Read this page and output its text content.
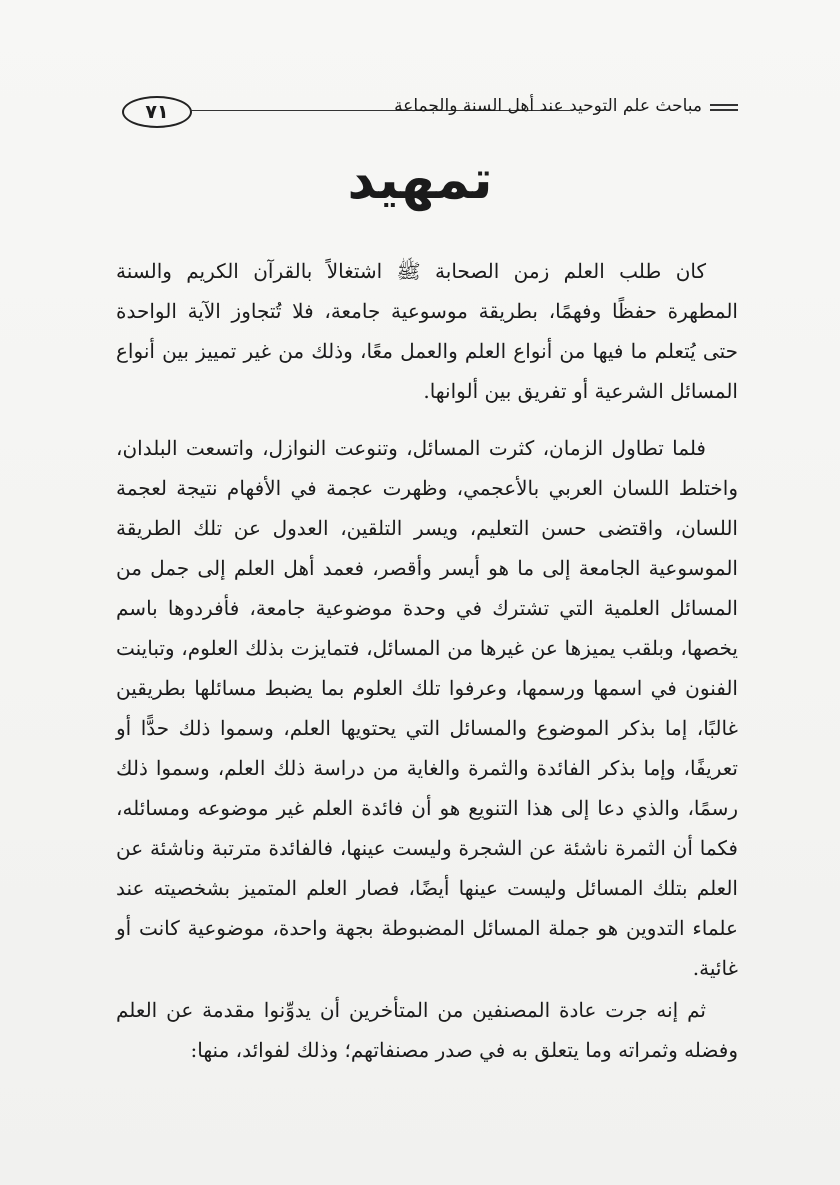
٧١	مباحث علم التوحيد عند أهل السنة والجماعة
تمهيد

كان طلب العلم زمن الصحابة ﷺ اشتغالاً بالقرآن الكريم والسنة المطهرة حفظًا وفهمًا، بطريقة موسوعية جامعة، فلا تُتجاوز الآية الواحدة حتى يُتعلم ما فيها من أنواع العلم والعمل معًا، وذلك من غير تمييز بين أنواع المسائل الشرعية أو تفريق بين ألوانها.

فلما تطاول الزمان، كثرت المسائل، وتنوعت النوازل، واتسعت البلدان، واختلط اللسان العربي بالأعجمي، وظهرت عجمة في الأفهام نتيجة لعجمة اللسان، واقتضى حسن التعليم، ويسر التلقين، العدول عن تلك الطريقة الموسوعية الجامعة إلى ما هو أيسر وأقصر، فعمد أهل العلم إلى جمل من المسائل العلمية التي تشترك في وحدة موضوعية جامعة، فأفردوها باسم يخصها، وبلقب يميزها عن غيرها من المسائل، فتمايزت بذلك العلوم، وتباينت الفنون في اسمها ورسمها، وعرفوا تلك العلوم بما يضبط مسائلها بطريقين غالبًا، إما بذكر الموضوع والمسائل التي يحتويها العلم، وسموا ذلك حدًّا أو تعريفًا، وإما بذكر الفائدة والثمرة والغاية من دراسة ذلك العلم، وسموا ذلك رسمًا، والذي دعا إلى هذا التنويع هو أن فائدة العلم غير موضوعه ومسائله، فكما أن الثمرة ناشئة عن الشجرة وليست عينها، فالفائدة مترتبة وناشئة عن العلم بتلك المسائل وليست عينها أيضًا، فصار العلم المتميز بشخصيته عند علماء التدوين هو جملة المسائل المضبوطة بجهة واحدة، موضوعية كانت أو غائية.

ثم إنه جرت عادة المصنفين من المتأخرين أن يدوِّنوا مقدمة عن العلم وفضله وثمراته وما يتعلق به في صدر مصنفاتهم؛ وذلك لفوائد، منها:
